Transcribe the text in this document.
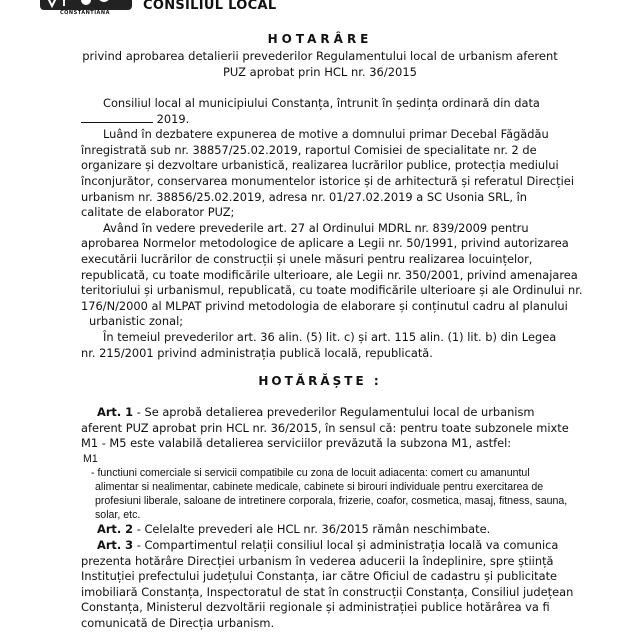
CONSTANTIANA	CONSILIUL LOCAL
HOTARÂRE
privind aprobarea detalierii prevederilor Regulamentului local de urbanism aferent
PUZ aprobat prin HCL nr. 36/2015

Consiliul local al municipiului Constanța, întrunit în ședința ordinară din data

2019.

Luând în dezbatere expunerea de motive a domnului primar Decebal Făgădău

înregistrată sub nr. 38857/25.02.2019, raportul Comisiei de specialitate nr. 2 de

organizare și dezvoltare urbanistică, realizarea lucrărilor publice, protecția mediului

înconjurător, conservarea monumentelor istorice și de arhitectură și referatul Direcției

urbanism nr. 38856/25.02.2019, adresa nr. 01/27.02.2019 a SC Usonia SRL, în

calitate de elaborator PUZ;

Având în vedere prevederile art. 27 al Ordinului MDRL nr. 839/2009 pentru

aprobarea Normelor metodologice de aplicare a Legii nr. 50/1991, privind autorizarea

executării lucrărilor de construcții și unele măsuri pentru realizarea locuințelor,

republicată, cu toate modificările ulterioare, ale Legii nr. 350/2001, privind amenajarea

teritoriului și urbanismul, republicată, cu toate modificările ulterioare și ale Ordinului nr.

176/N/2000 al MLPAT privind metodologia de elaborare și conținutul cadru al planului

urbanistic zonal;

În temeiul prevederilor art. 36 alin. (5) lit. c) și art. 115 alin. (1) lit. b) din Legea

nr. 215/2001 privind administrația publică locală, republicată.

HOTĂRĂȘTE :

Art. 1 - Se aprobă detalierea prevederilor Regulamentului local de urbanism

aferent PUZ aprobat prin HCL nr. 36/2015, în sensul că: pentru toate subzonele mixte

M1 - M5 este valabilă detalierea serviciilor prevăzută la subzona M1, astfel:

M1

- functiuni comerciale si servicii compatibile cu zona de locuit adiacenta: comert cu amanuntul

alimentar si nealimentar, cabinete medicale, cabinete si birouri individuale pentru exercitarea de

profesiuni liberale, saloane de intretinere corporala, frizerie, coafor, cosmetica, masaj, fitness, sauna,

solar, etc.

Art. 2 - Celelalte prevederi ale HCL nr. 36/2015 rămân neschimbate.

Art. 3 - Compartimentul relații consiliul local și administrația locală va comunica

prezenta hotărâre Direcției urbanism în vederea aducerii la îndeplinire, spre știință

Instituției prefectului județului Constanța, iar către Oficiul de cadastru și publicitate

imobiliară Constanța, Inspectoratul de stat în construcții Constanța, Consiliul județean

Constanța, Ministerul dezvoltării regionale și administrației publice hotărârea va fi

comunicată de Direcția urbanism.
